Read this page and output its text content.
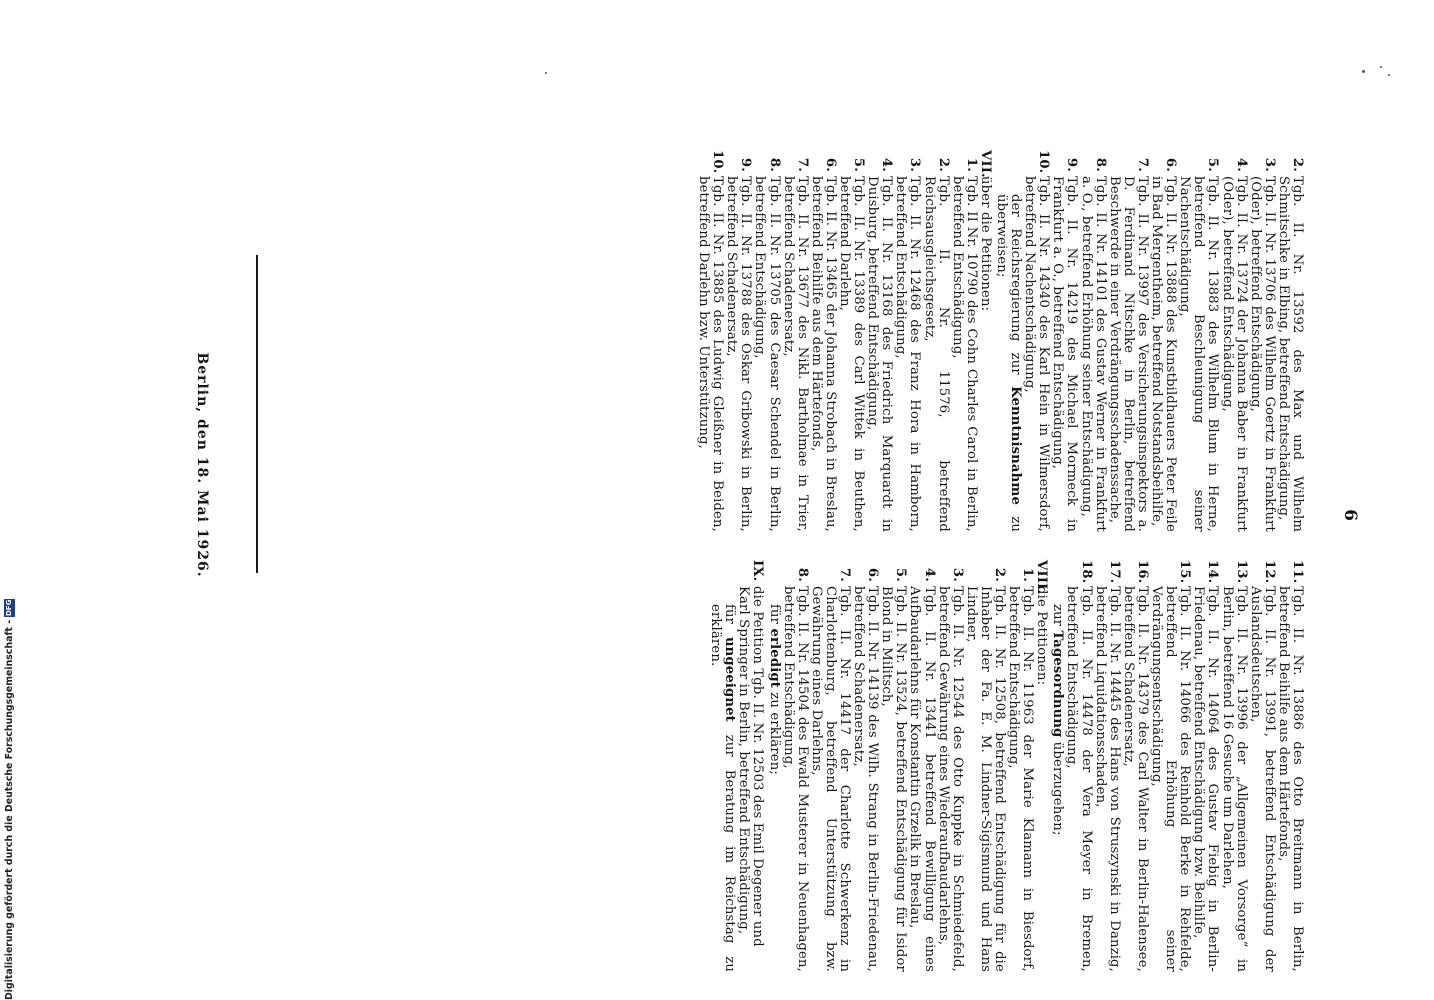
6
2.
Tgb. II. Nr. 13592 des Max und Wilhelm Schmitschke in Elbing, betreffend Entschädigung,
3.
Tgb. II. Nr. 13706 des Wilhelm Goertz in Frankfurt (Oder), betreffend Entschädigung,
4.
Tgb. II. Nr. 13724 der Johanna Baber in Frankfurt (Oder), betreffend Entschädigung,
5.
Tgb. II. Nr. 13883 des Wilhelm Blum in Herne, betreffend Beschleunigung seiner Nachentschädigung,
6.
Tgb. II. Nr. 13888 des Kunstbildhauers Peter Feile in Bad Mergentheim, betreffend Notstandsbeihilfe,
7.
Tgb. II. Nr. 13997 des Versicherungsinspektors a. D. Ferdinand Nitschke in Berlin, betreffend Beschwerde in einer Verdrängungsschadenssache,
8.
Tgb. II. Nr. 14101 des Gustav Werner in Frankfurt a. O., betreffend Erhöhung seiner Entschädigung,
9.
Tgb. II. Nr. 14219 des Michael Mormeck in Frankfurt a. O., betreffend Entschädigung,
10.
Tgb. II. Nr. 14340 des Karl Hein in Wilmersdorf, betreffend Nachentschädigung,
der Reichsregierung zur Kenntnisnahme zu überweisen;
VII.
über die Petitionen:
1.
Tgb. II Nr. 10790 des Cohn Charles Carol in Berlin, betreffend Entschädigung,
2.
Tgb. II. Nr. 11576, betreffend Reichsausgleichsgesetz,
3.
Tgb. II. Nr. 12468 des Franz Hora in Hamborn, betreffend Entschädigung,
4.
Tgb. II. Nr. 13168 des Friedrich Marquardt in Duisburg, betreffend Entschädigung,
5.
Tgb. II. Nr. 13389 des Carl Wittek in Beuthen, betreffend Darlehn,
6.
Tgb. II. Nr. 13465 der Johanna Strobach in Breslau, betreffend Beihilfe aus dem Härtefonds,
7.
Tgb. II. Nr. 13677 des Nikl. Bartholmae in Trier, betreffend Schadenersatz,
8.
Tgb. II. Nr. 13705 des Caesar Schendel in Berlin, betreffend Entschädigung,
9.
Tgb. II. Nr. 13788 des Oskar Gribowski in Berlin, betreffend Schadenersatz,
10.
Tgb. II. Nr. 13885 des Ludwig Gleißner in Beiden, betreffend Darlehn bzw. Unterstützung,
11.
Tgb. II. Nr. 13886 des Otto Breitmann in Berlin, betreffend Beihilfe aus dem Härtefonds,
12.
Tgb. II. Nr. 13991, betreffend Entschädigung der Auslandsdeutschen,
13.
Tgb. II. Nr. 13996 der „Allgemeinen Vorsorge“ in Berlin, betreffend 16 Gesuche um Darlehen,
14.
Tgb. II. Nr. 14064 des Gustav Fiebig in Berlin-Friedenau, betreffend Entschädigung bzw. Beihilfe,
15.
Tgb. II. Nr. 14066 des Reinhold Berke in Rehfelde, betreffend Erhöhung seiner Verdrängungsentschädigung,
16.
Tgb. II. Nr. 14379 des Carl Walter in Berlin-Halensee, betreffend Schadenersatz,
17.
Tgb. II. Nr. 14445 des Hans von Struszynski in Danzig, betreffend Liquidationsschaden,
18.
Tgb. II. Nr. 14478 der Vera Meyer in Bremen, betreffend Entschädigung,
zur Tagesordnung überzugehen;
VIII.
die Petitionen:
1.
Tgb. II. Nr. 11963 der Marie Klamann in Biesdorf, betreffend Entschädigung,
2.
Tgb. II. Nr. 12508, betreffend Entschädigung für die Inhaber der Fa. E. M. Lindner-Sigismund und Hans Lindner,
3.
Tgb. II. Nr. 12544 des Otto Kuppke in Schmiedefeld, betreffend Gewährung eines Wiederaufbaudarlehns,
4.
Tgb. II. Nr. 13441 betreffend Bewilligung eines Aufbaudarlehns für Konstantin Grzelik in Breslau,
5.
Tgb. II. Nr. 13524, betreffend Entschädigung für Isidor Blond in Militsch,
6.
Tgb. II. Nr. 14139 des Wilh. Strang in Berlin-Friedenau, betreffend Schadenersatz,
7.
Tgb. II. Nr. 14417 der Charlotte Schwerkenz in Charlottenburg, betreffend Unterstützung bzw. Gewährung eines Darlehns,
8.
Tgb. II. Nr. 14504 des Ewald Musterer in Neuenhagen, betreffend Entschädigung,
für erledigt zu erklären;
IX.
die Petition Tgb. II. Nr. 12503 des Emil Degener und Karl Springer in Berlin, betreffend Entschädigung,
für ungeeignet zur Beratung im Reichstag zu erklären.
Berlin, den 18. Mai 1926.
Digitalisierung gefördert durch die Deutsche Forschungsgemeinschaft -
DFG
